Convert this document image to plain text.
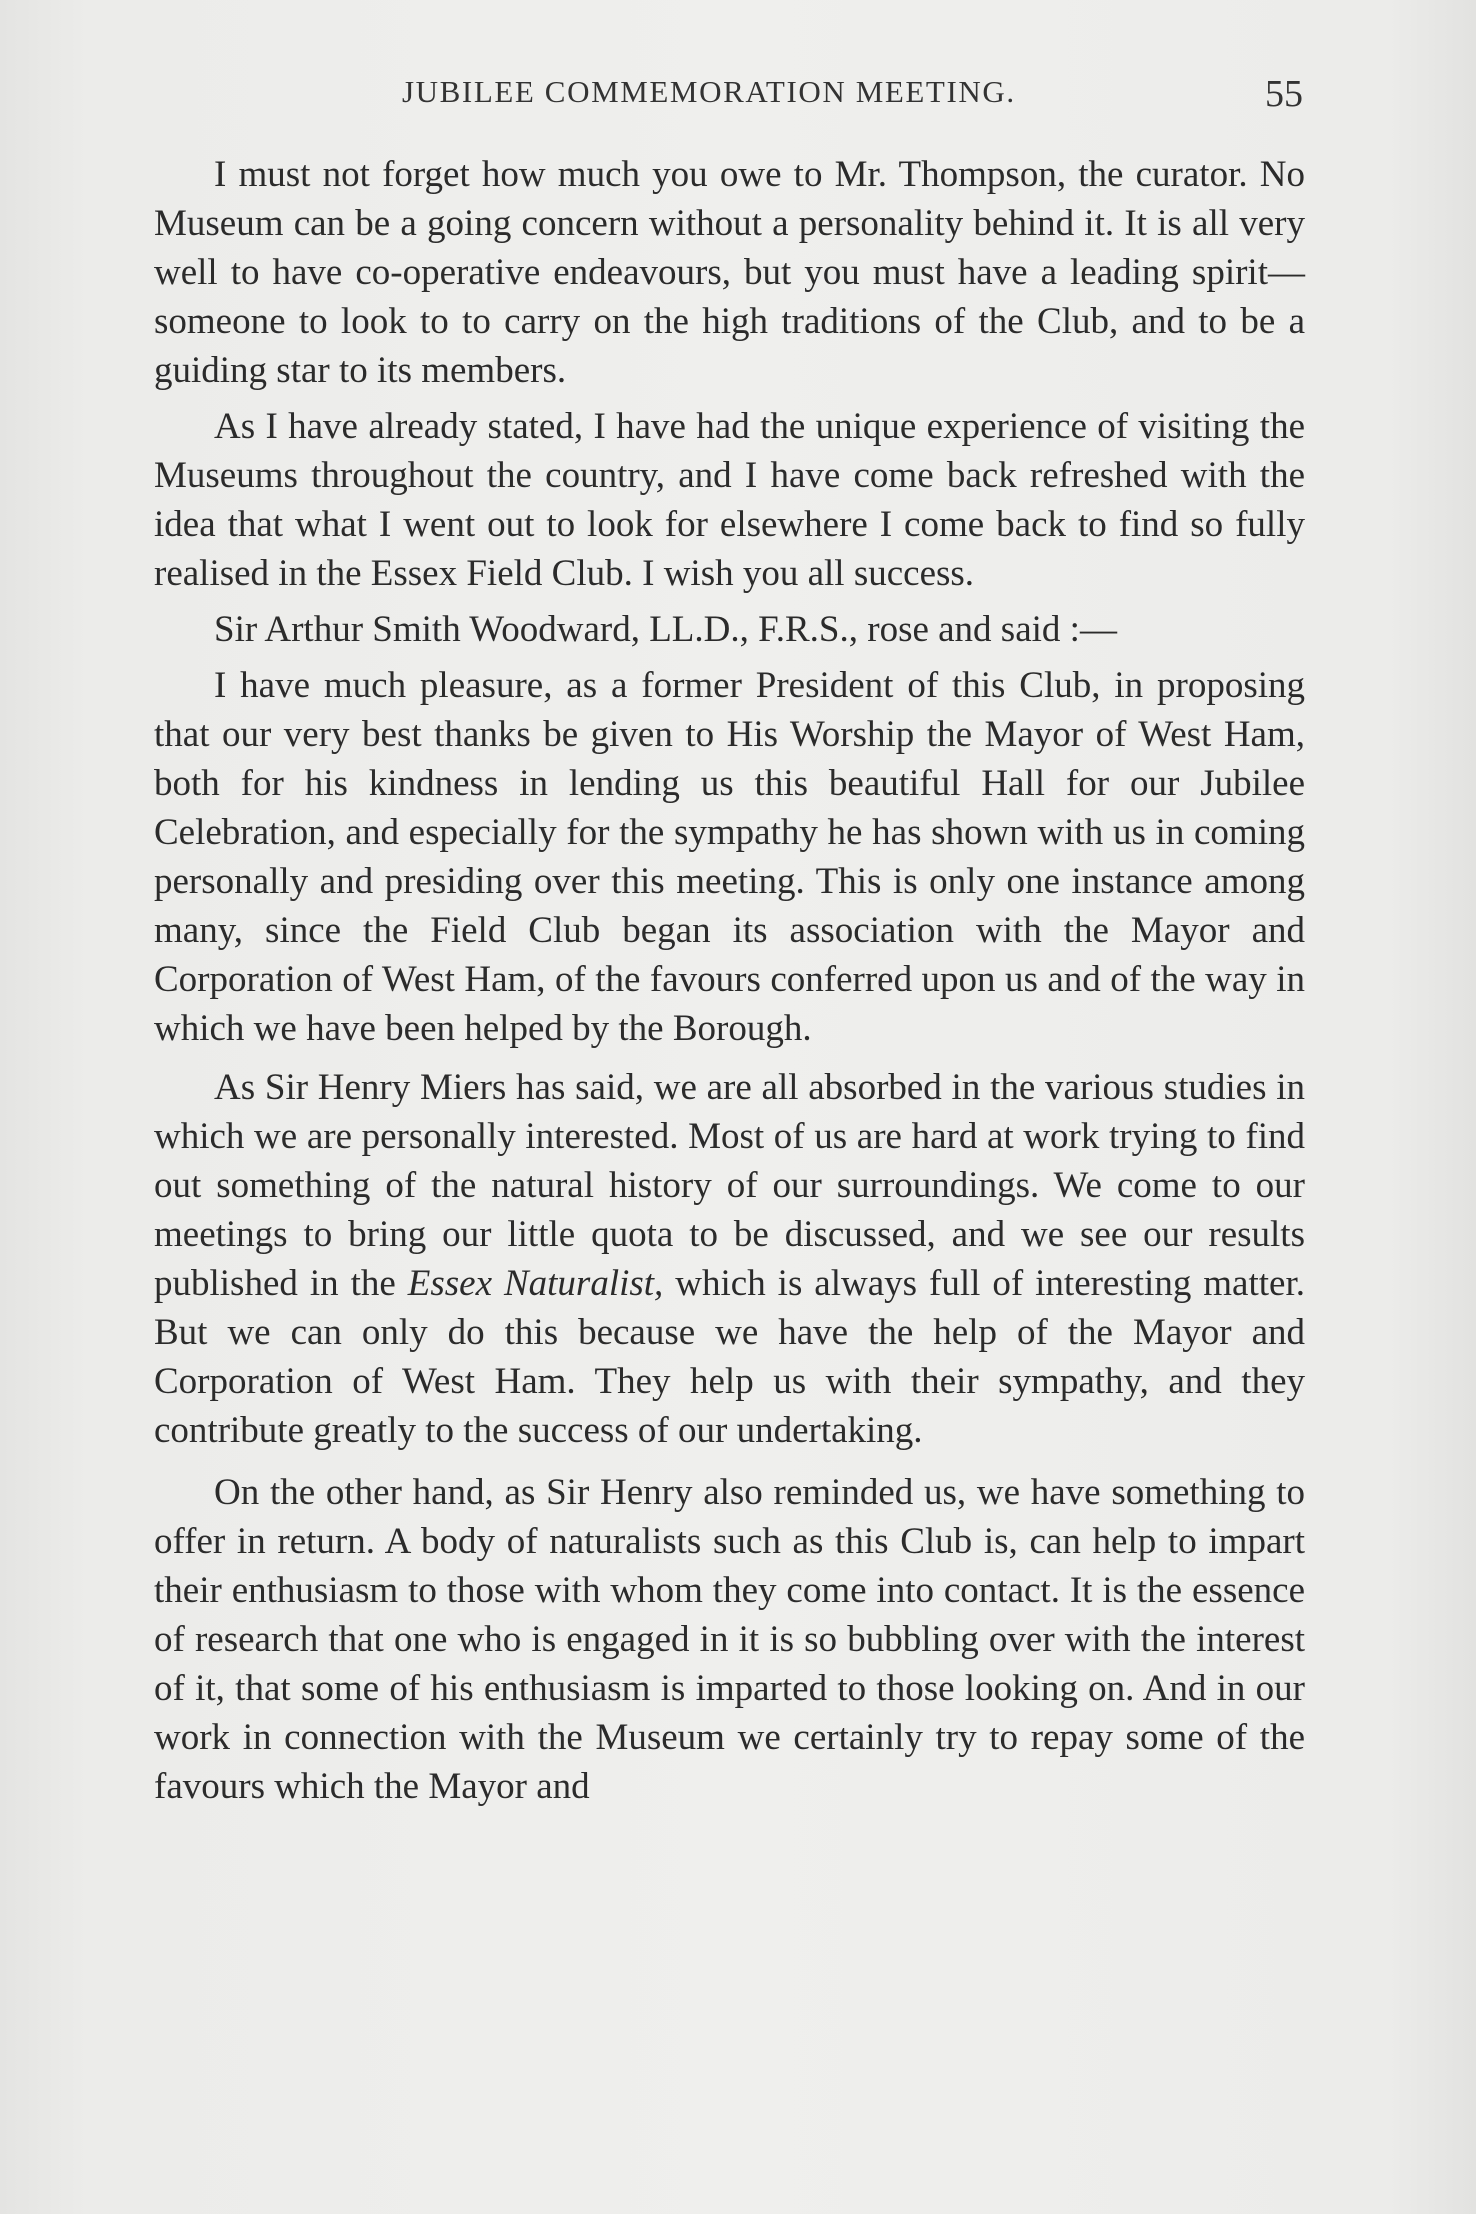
JUBILEE COMMEMORATION MEETING.	55

I must not forget how much you owe to Mr. Thompson, the curator. No Museum can be a going concern without a personality behind it. It is all very well to have co-operative endeavours, but you must have a leading spirit—someone to look to to carry on the high traditions of the Club, and to be a guiding star to its members.

As I have already stated, I have had the unique experience of visiting the Museums throughout the country, and I have come back refreshed with the idea that what I went out to look for elsewhere I come back to find so fully realised in the Essex Field Club. I wish you all success.

Sir Arthur Smith Woodward, LL.D., F.R.S., rose and said :—

I have much pleasure, as a former President of this Club, in proposing that our very best thanks be given to His Worship the Mayor of West Ham, both for his kindness in lending us this beautiful Hall for our Jubilee Celebration, and especially for the sympathy he has shown with us in coming personally and presiding over this meeting. This is only one instance among many, since the Field Club began its association with the Mayor and Corporation of West Ham, of the favours conferred upon us and of the way in which we have been helped by the Borough.

As Sir Henry Miers has said, we are all absorbed in the various studies in which we are personally interested. Most of us are hard at work trying to find out something of the natural history of our surroundings. We come to our meetings to bring our little quota to be discussed, and we see our results published in the Essex Naturalist, which is always full of interesting matter. But we can only do this because we have the help of the Mayor and Corporation of West Ham. They help us with their sympathy, and they contribute greatly to the success of our undertaking.

On the other hand, as Sir Henry also reminded us, we have something to offer in return. A body of naturalists such as this Club is, can help to impart their enthusiasm to those with whom they come into contact. It is the essence of research that one who is engaged in it is so bubbling over with the interest of it, that some of his enthusiasm is imparted to those looking on. And in our work in connection with the Museum we certainly try to repay some of the favours which the Mayor and
